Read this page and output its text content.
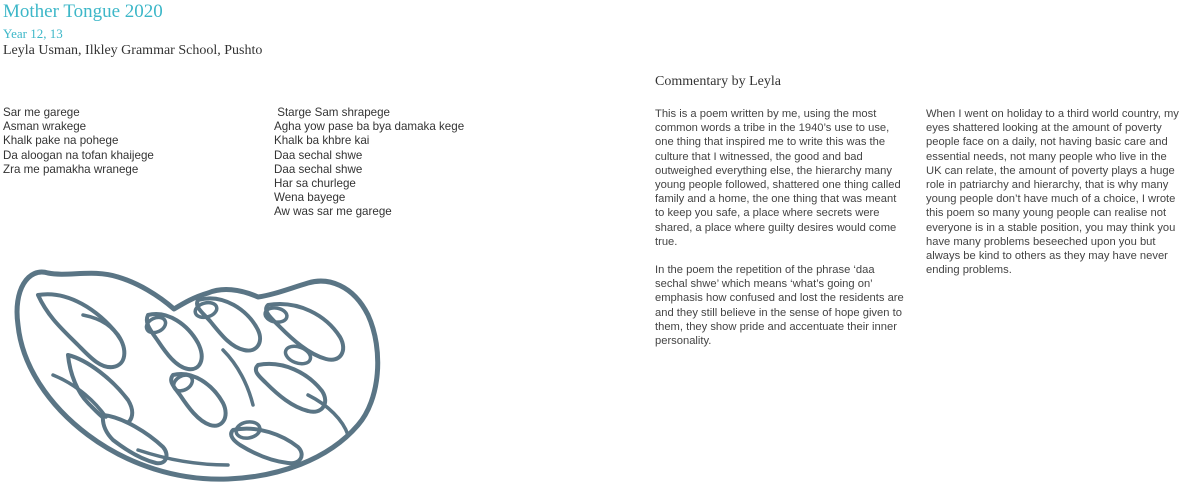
Mother Tongue 2020
Year 12, 13
Leyla Usman, Ilkley Grammar School, Pushto
Sar me garege
Asman wrakege
Khalk pake na pohege
Da aloogan na tofan khaijege
Zra me pamakha wranege
Starge Sam shrapege
Agha yow pase ba bya damaka kege
Khalk ba khbre kai
Daa sechal shwe
Daa sechal shwe
Har sa churlege
Wena bayege
Aw was sar me garege
Commentary by Leyla

This is a poem written by me, using the most common words a tribe in the 1940’s use to use, one thing that inspired me to write this was the culture that I witnessed, the good and bad outweighed everything else, the hierarchy many young people followed, shattered one thing called family and a home, the one thing that was meant to keep you safe, a place where secrets were shared, a place where guilty desires would come true.

In the poem the repetition of the phrase ‘daa sechal shwe’ which means ‘what’s going on’ emphasis how confused and lost the residents are and they still believe in the sense of hope given to them, they show pride and accentuate their inner personality.

When I went on holiday to a third world country, my eyes shattered looking at the amount of poverty people face on a daily, not having basic care and essential needs, not many people who live in the UK can relate, the amount of poverty plays a huge role in patriarchy and hierarchy, that is why many young people don’t have much of a choice, I wrote this poem so many young people can realise not everyone is in a stable position, you may think you have many problems beseeched upon you but always be kind to others as they may have never ending problems.
